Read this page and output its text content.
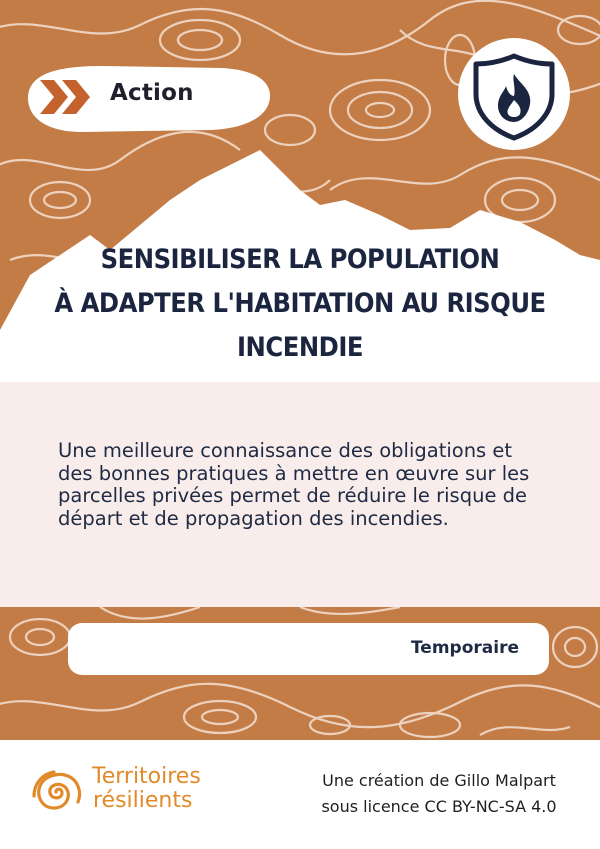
Action
SENSIBILISER LA POPULATION
À ADAPTER L'HABITATION AU RISQUE
INCENDIE
Une meilleure connaissance des obligations et des bonnes pratiques à mettre en œuvre sur les parcelles privées permet de réduire le risque de départ et de propagation des incendies.
Temporaire
Territoires
résilients
Une création de Gillo Malpart
sous licence CC BY-NC-SA 4.0
